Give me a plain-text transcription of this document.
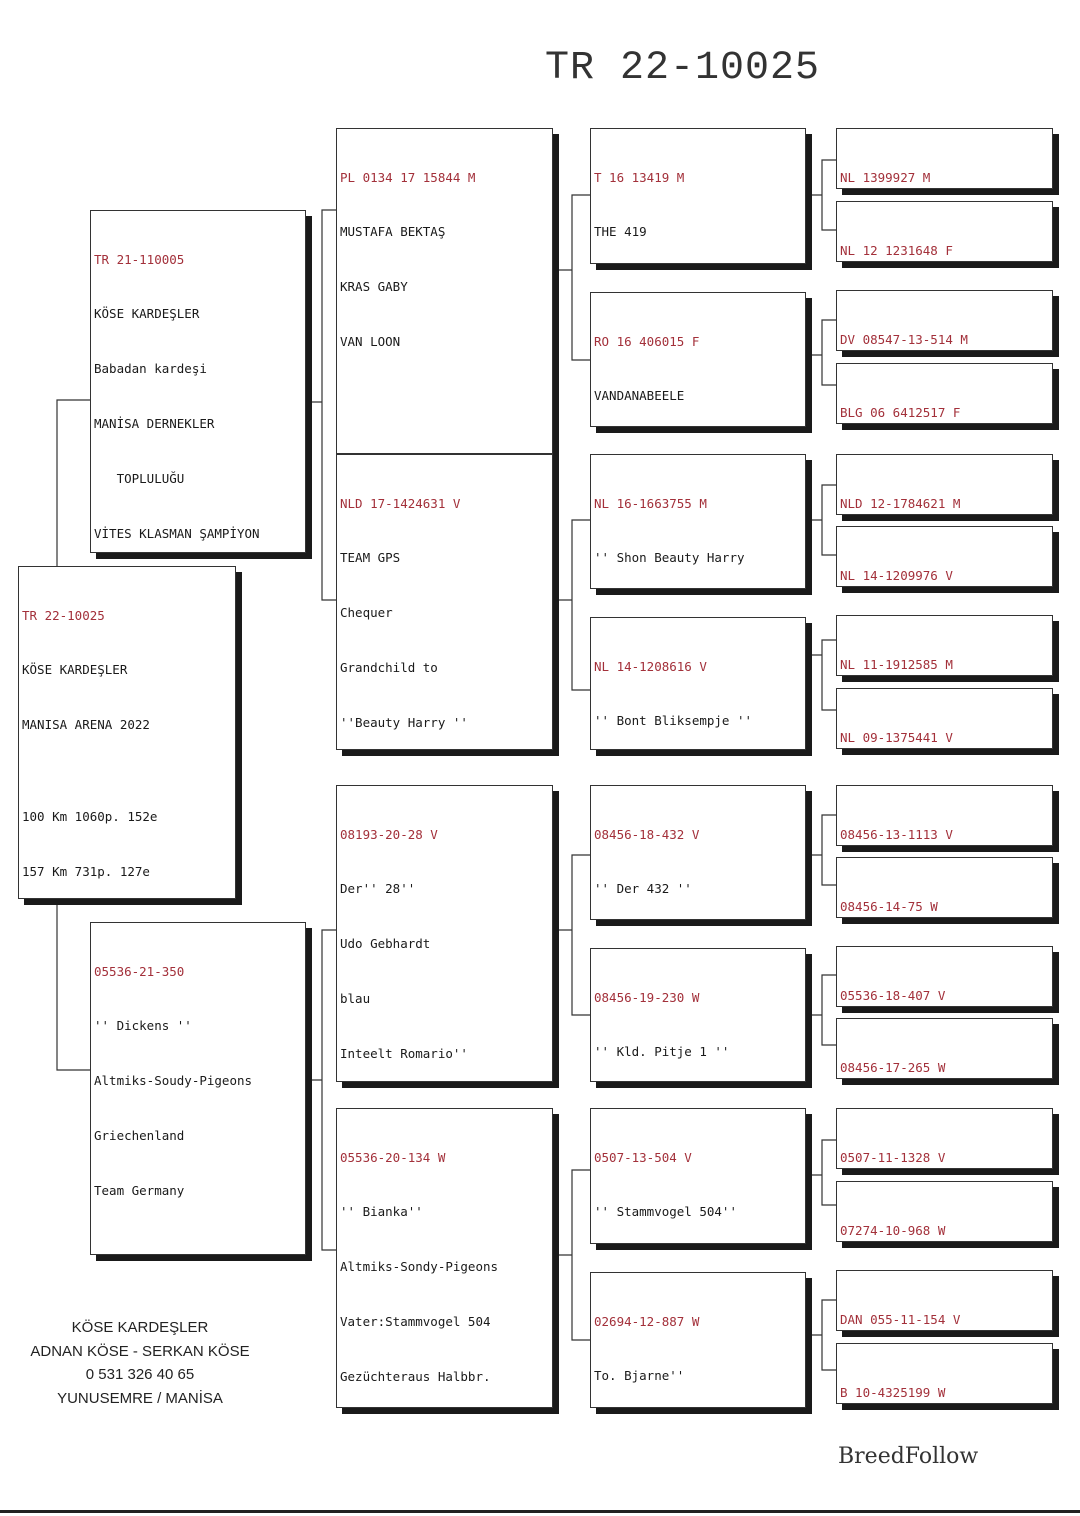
TR 22-10025

TR 22-10025

KÖSE KARDEŞLER

MANISA ARENA 2022

100 Km 1060p. 152e

157 Km 731p. 127e

TR 21-110005

KÖSE KARDEŞLER

Babadan kardeşi

MANİSA DERNEKLER

TOPLULUĞU

VİTES KLASMAN ŞAMPİYON

05536-21-350

'' Dickens ''

Altmiks-Soudy-Pigeons

Griechenland

Team Germany

PL 0134 17 15844 M

MUSTAFA BEKTAŞ

KRAS GABY

VAN LOON

NLD 17-1424631 V

TEAM GPS

Chequer

Grandchild to

''Beauty Harry ''

08193-20-28 V

Der'' 28''

Udo Gebhardt

blau

Inteelt Romario''

05536-20-134 W

'' Bianka''

Altmiks-Sondy-Pigeons

Vater:Stammvogel 504

Gezüchteraus Halbbr.

T 16 13419 M

THE 419

RO 16 406015 F

VANDANABEELE

NL 16-1663755 M

'' Shon Beauty Harry

NL 14-1208616 V

'' Bont Bliksempje ''

08456-18-432 V

'' Der 432 ''

08456-19-230 W

'' Kld. Pitje 1 ''

0507-13-504 V

'' Stammvogel 504''

02694-12-887 W

To. Bjarne''

NL 1399927 M

NL 12 1231648 F

DV 08547-13-514 M

BLG 06 6412517 F

NLD 12-1784621 M

NL 14-1209976 V

NL 11-1912585 M

NL 09-1375441 V

08456-13-1113 V

08456-14-75 W

05536-18-407 V

08456-17-265 W

0507-11-1328 V

07274-10-968 W

DAN 055-11-154 V

B 10-4325199 W

KÖSE KARDEŞLER
ADNAN KÖSE - SERKAN KÖSE
0 531 326 40 65
YUNUSEMRE / MANİSA
BreedFollow
